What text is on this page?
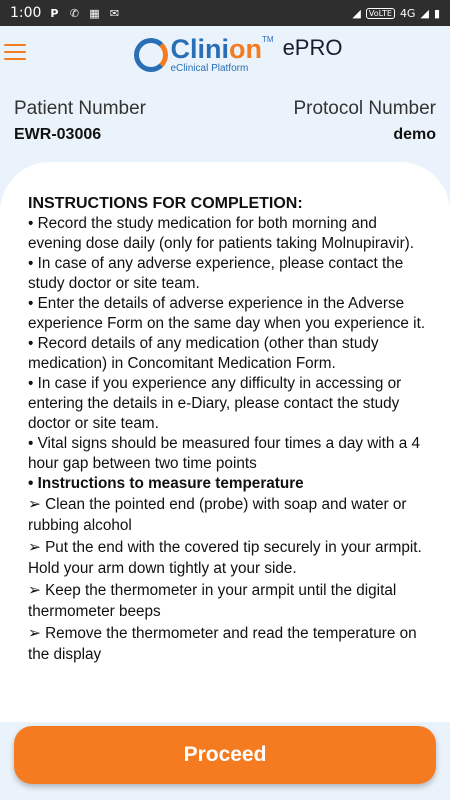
1:00 P ✆ ▦ ✉	◢	VoLTE 4G ◢ ▮
Clinion™
eClinical Platform
ePRO
Patient Number
EWR-03006
Protocol Number
demo
INSTRUCTIONS FOR COMPLETION:
• Record the study medication for both morning and evening dose daily (only for patients taking Molnupiravir).
• In case of any adverse experience, please contact the study doctor or site team.
• Enter the details of adverse experience in the Adverse experience Form on the same day when you experience it.
• Record details of any medication (other than study medication) in Concomitant Medication Form.
• In case if you experience any difficulty in accessing or entering the details in e-Diary, please contact the study doctor or site team.
• Vital signs should be measured four times a day with a 4 hour gap between two time points
• Instructions to measure temperature
➢ Clean the pointed end (probe) with soap and water or rubbing alcohol
➢ Put the end with the covered tip securely in your armpit. Hold your arm down tightly at your side.
➢ Keep the thermometer in your armpit until the digital thermometer beeps
➢ Remove the thermometer and read the temperature on the display
Proceed
